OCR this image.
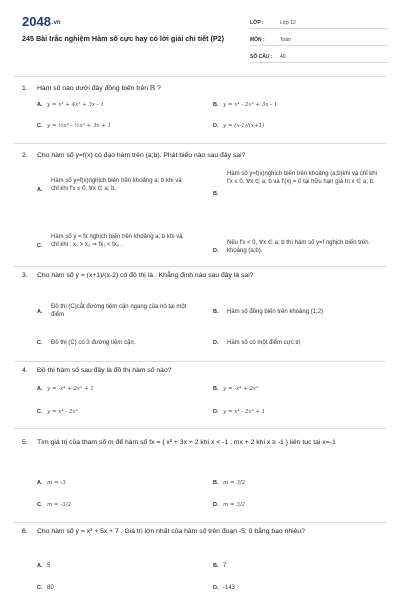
2048.vn
245 Bài trắc nghiệm Hàm số cực hay có lời giải chi tiết (P2)
LỚP :	Lớp 12
MÔN :	Toán
SỐ CÂU :	40
1.	Hàm số nào dưới đây đồng biến trên ℝ ?
A. y = x³ + 4x² + 3x - 1	B. y = x⁴ - 2x² + 3x - 1
C. y = ⅓x³ - ½x² + 3x + 1	D. y = (x-1)/(x+1)
2.	Cho hàm số y=f(x) có đạo hàm trên (a;b). Phát biểu nào sau đây sai?
A.
Hàm số y=f(x)nghịch biến trên khoảng a; b khi và chỉ khi f′x ≤ 0, ∀x ∈ a; b.
B.
Hàm số y=f(x)nghịch biến trên khoảng (a;b)khi và chỉ khi f′x ≤ 0, ∀x ∈ a; b và f′(x) = 0 tại hữu hạn giá trị x ∈ a; b.
C.
Hàm số y = fx nghịch biến trên khoảng a; b khi và chỉ khi : x₁ > x₂ ⇒ fx₁ < fx₂ .
D.
Nếu f′x < 0, ∀x ∈ a; b thì hàm số y=f nghịch biến trên khoảng (a;b).
3.	Cho hàm số y = (x+1)/(x-2) có đồ thị là . Khẳng định nào sau đây là sai?
A.
Đồ thị (C)cắt đường tiệm cận ngang của nó tại một điểm	B. Hàm số đồng biến trên khoảng (1;2)
C. Đồ thị (C) có 3 đường tiệm cận.	D. Hàm số có một điểm cực trị
4.	Đồ thị hàm số sau đây là đồ thị hàm số nào?
A. y = -x⁴ + 2x² + 1	B. y = -x⁴ + 2x²
C. y = x⁴ - 2x²	D. y = x⁴ - 2x² + 1
5.	Tìm giá trị của tham số m để hàm số fx = { x² + 3x + 2 khi x < -1 ; mx + 2 khi x ≥ -1 } liên tục tại x=-1
A. m = -3	B. m = 3/2
C. m = -3/2	D. m = 3/2
6.	Cho hàm số y = x³ + 5x + 7 . Giá trị lớn nhất của hàm số trên đoạn -5; 0 bằng bao nhiêu?
A. 5	B. 7
C. 80	D. -143
